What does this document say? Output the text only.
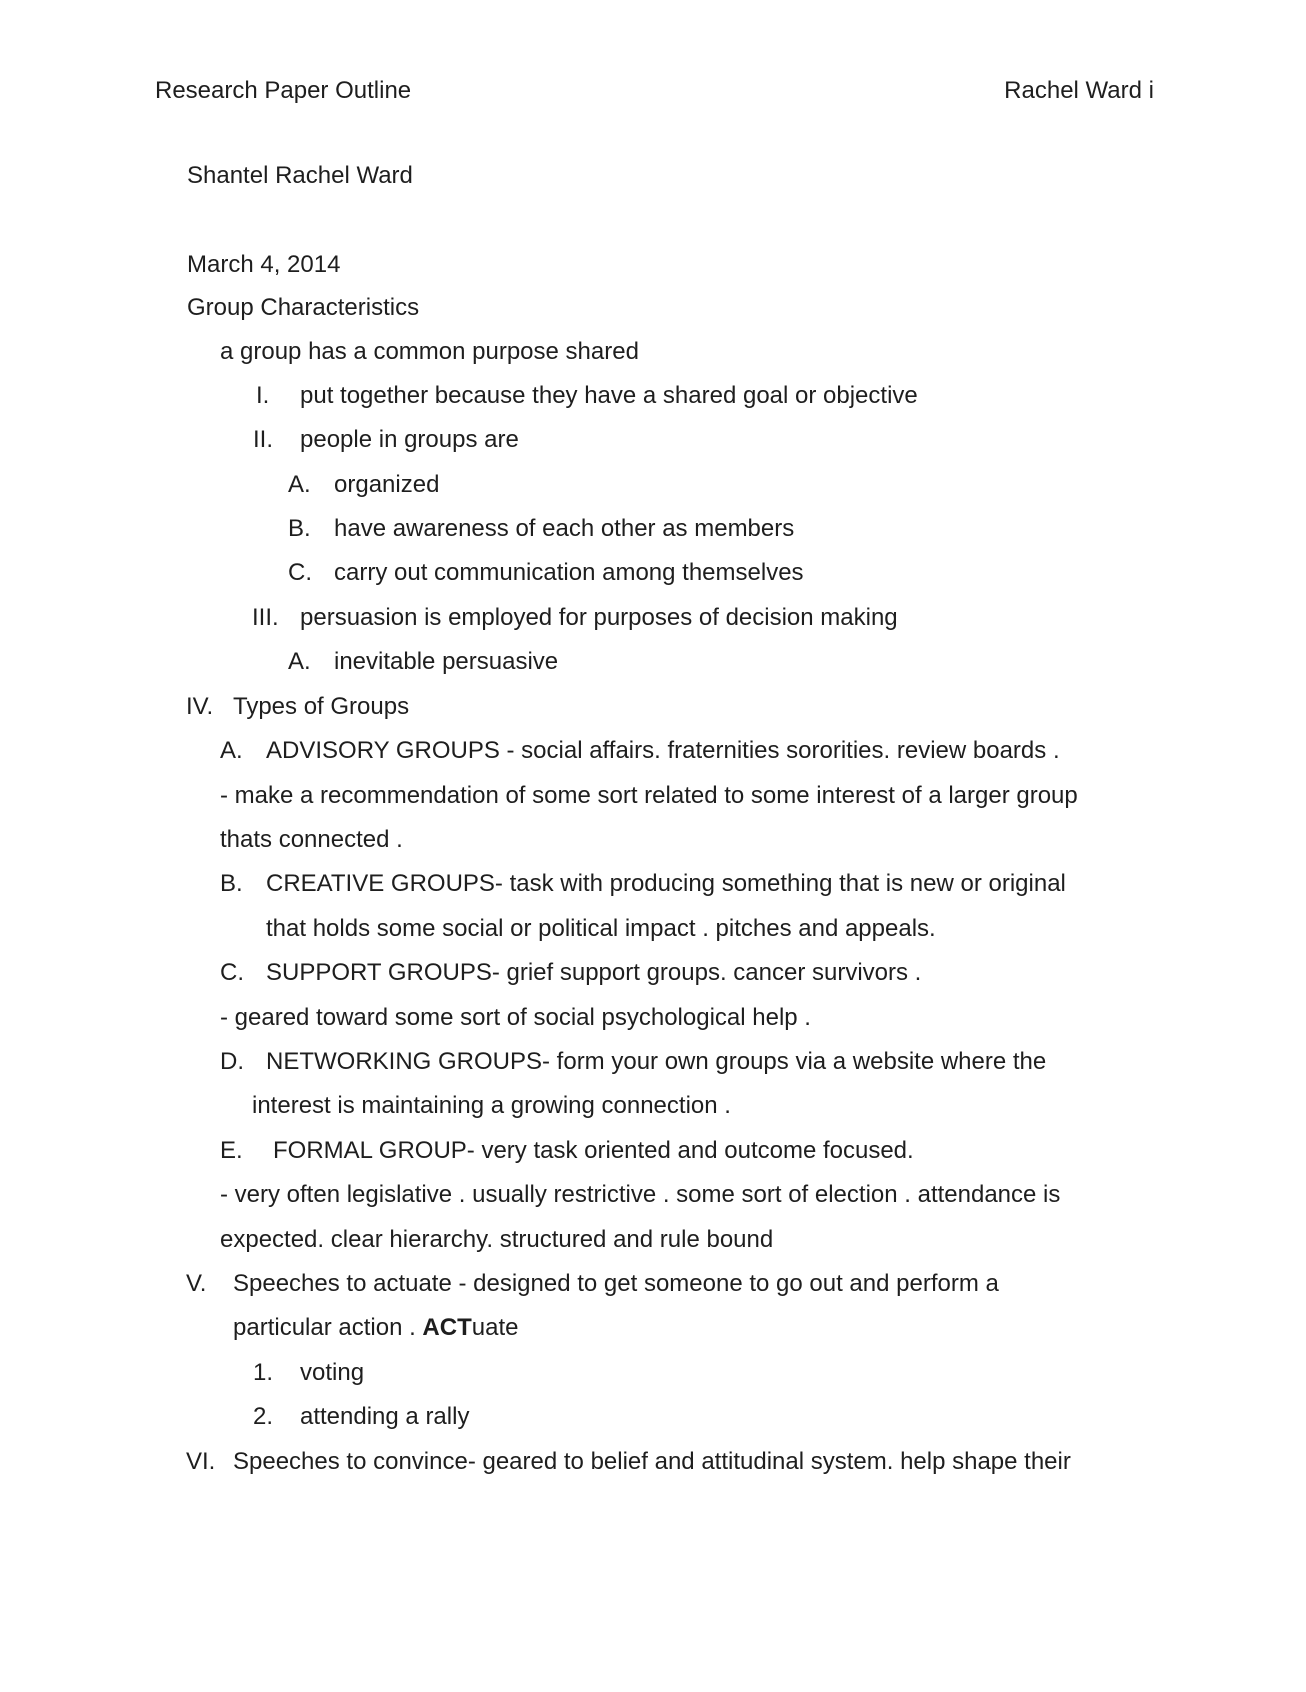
Research Paper Outline	Rachel Ward i
Shantel Rachel Ward
March 4, 2014
Group Characteristics
a group has a common purpose shared
I. put together because they have a shared goal or objective
II. people in groups are
A. organized
B. have awareness of each other as members
C. carry out communication among themselves
III. persuasion is employed for purposes of decision making
A. inevitable persuasive
IV. Types of Groups
A. ADVISORY GROUPS - social affairs. fraternities sororities. review boards .
- make a recommendation of some sort related to some interest of a larger group
thats connected .
B. CREATIVE GROUPS- task with producing something that is new or original
that holds some social or political impact . pitches and appeals.
C. SUPPORT GROUPS- grief support groups. cancer survivors .
- geared toward some sort of social psychological help .
D. NETWORKING GROUPS- form your own groups via a website where the
interest is maintaining a growing connection .
E. FORMAL GROUP- very task oriented and outcome focused.
- very often legislative . usually restrictive . some sort of election . attendance is
expected. clear hierarchy. structured and rule bound
V. Speeches to actuate - designed to get someone to go out and perform a
particular action . ACTuate
1. voting
2. attending a rally
VI. Speeches to convince- geared to belief and attitudinal system. help shape their
